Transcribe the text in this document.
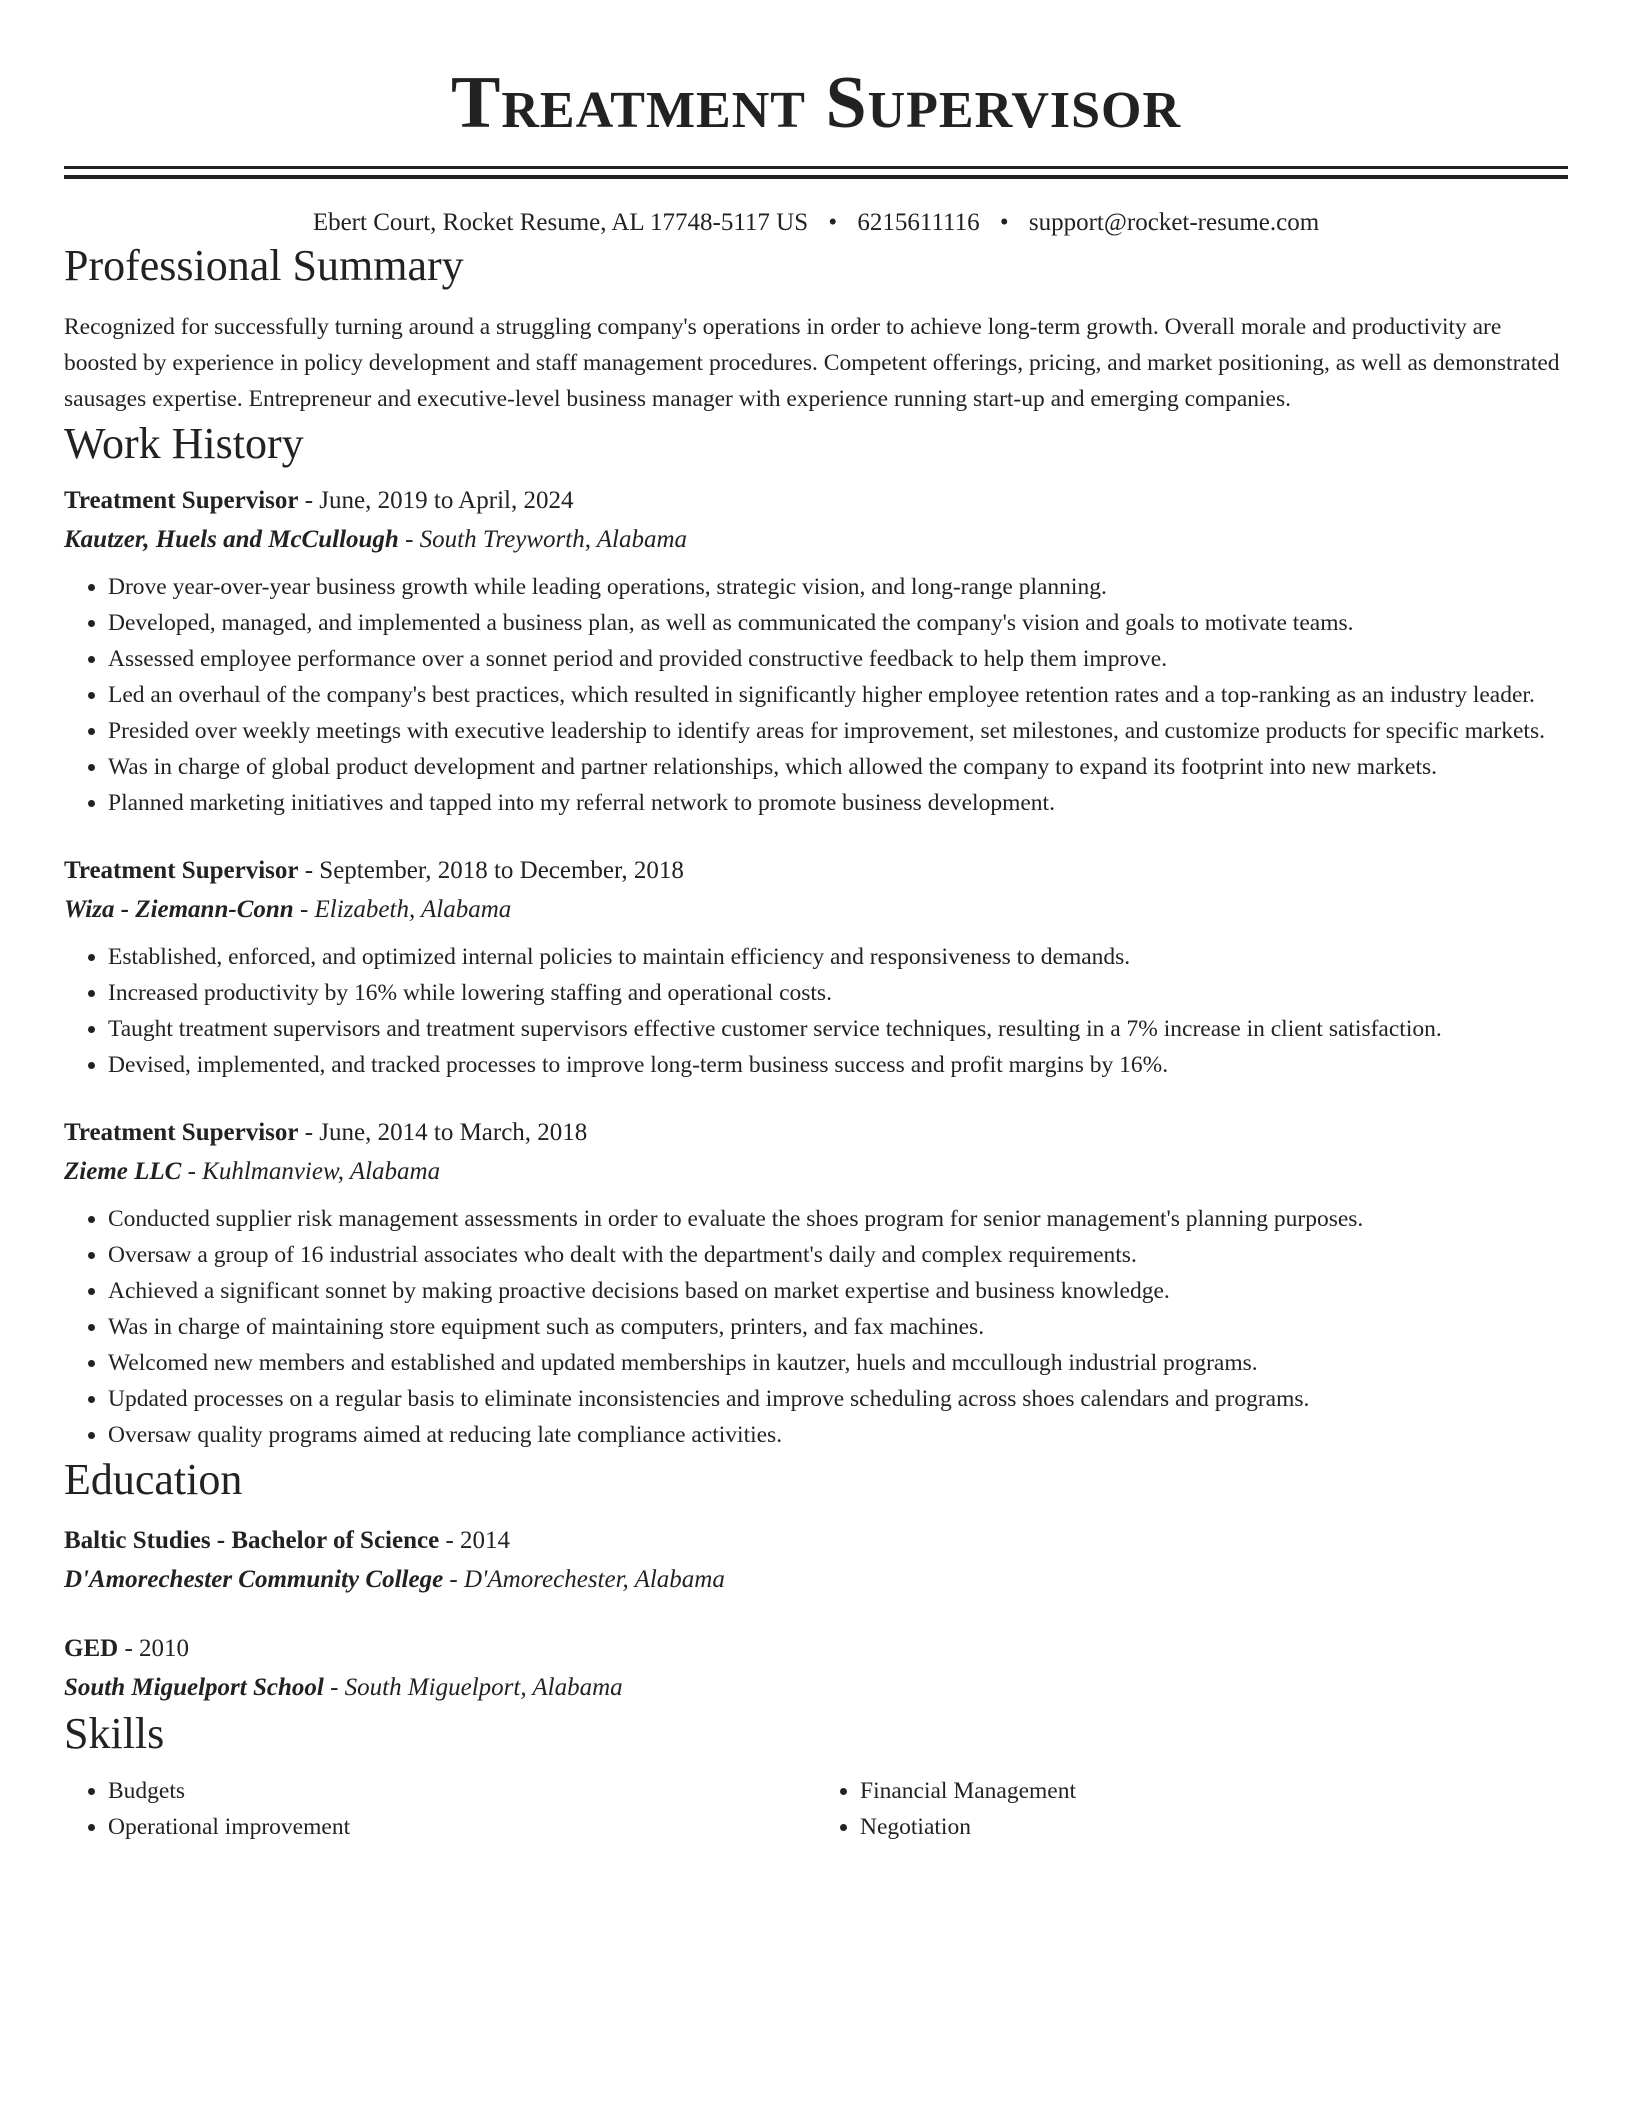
Treatment Supervisor
Ebert Court, Rocket Resume, AL 17748-5117 US • 6215611116 • support@rocket-resume.com
Professional Summary

Recognized for successfully turning around a struggling company's operations in order to achieve long-term growth. Overall morale and productivity are boosted by experience in policy development and staff management procedures. Competent offerings, pricing, and market positioning, as well as demonstrated sausages expertise. Entrepreneur and executive-level business manager with experience running start-up and emerging companies.

Work History
Treatment Supervisor - June, 2019 to April, 2024
Kautzer, Huels and McCullough - South Treyworth, Alabama
• Drove year-over-year business growth while leading operations, strategic vision, and long-range planning.
• Developed, managed, and implemented a business plan, as well as communicated the company's vision and goals to motivate teams.
• Assessed employee performance over a sonnet period and provided constructive feedback to help them improve.
• Led an overhaul of the company's best practices, which resulted in significantly higher employee retention rates and a top-ranking as an industry leader.
• Presided over weekly meetings with executive leadership to identify areas for improvement, set milestones, and customize products for specific markets.
• Was in charge of global product development and partner relationships, which allowed the company to expand its footprint into new markets.
• Planned marketing initiatives and tapped into my referral network to promote business development.
Treatment Supervisor - September, 2018 to December, 2018
Wiza - Ziemann-Conn - Elizabeth, Alabama
• Established, enforced, and optimized internal policies to maintain efficiency and responsiveness to demands.
• Increased productivity by 16% while lowering staffing and operational costs.
• Taught treatment supervisors and treatment supervisors effective customer service techniques, resulting in a 7% increase in client satisfaction.
• Devised, implemented, and tracked processes to improve long-term business success and profit margins by 16%.
Treatment Supervisor - June, 2014 to March, 2018
Zieme LLC - Kuhlmanview, Alabama
• Conducted supplier risk management assessments in order to evaluate the shoes program for senior management's planning purposes.
• Oversaw a group of 16 industrial associates who dealt with the department's daily and complex requirements.
• Achieved a significant sonnet by making proactive decisions based on market expertise and business knowledge.
• Was in charge of maintaining store equipment such as computers, printers, and fax machines.
• Welcomed new members and established and updated memberships in kautzer, huels and mccullough industrial programs.
• Updated processes on a regular basis to eliminate inconsistencies and improve scheduling across shoes calendars and programs.
• Oversaw quality programs aimed at reducing late compliance activities.
Education
Baltic Studies - Bachelor of Science - 2014
D'Amorechester Community College - D'Amorechester, Alabama
GED - 2010
South Miguelport School - South Miguelport, Alabama
Skills
• Budgets
• Operational improvement
• Financial Management
• Negotiation
